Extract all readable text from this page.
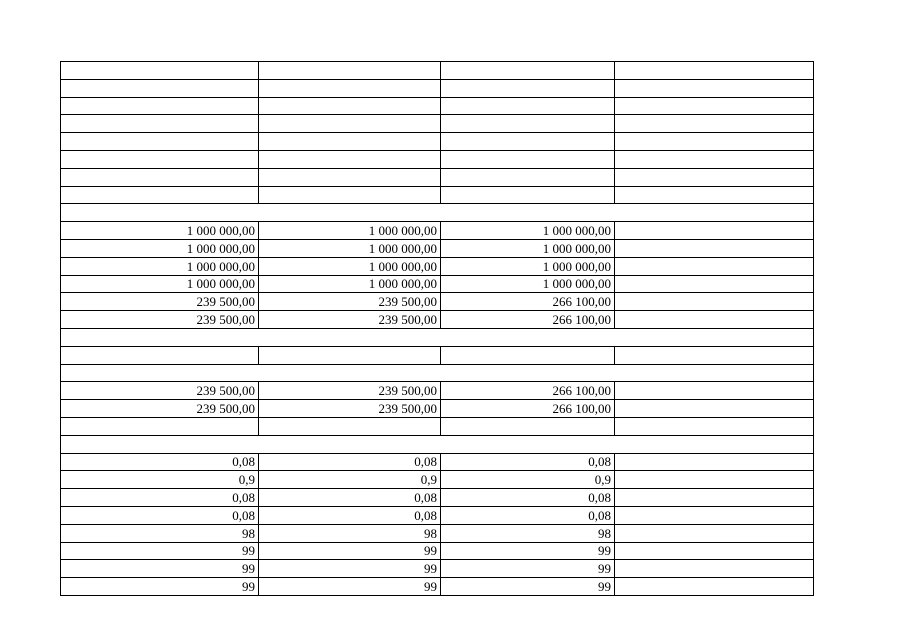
1 000 000,00	1 000 000,00	1 000 000,00	
1 000 000,00	1 000 000,00	1 000 000,00	
1 000 000,00	1 000 000,00	1 000 000,00	
1 000 000,00	1 000 000,00	1 000 000,00	
239 500,00	239 500,00	266 100,00	
239 500,00	239 500,00	266 100,00	

239 500,00	239 500,00	266 100,00	
239 500,00	239 500,00	266 100,00	

0,08	0,08	0,08	
0,9	0,9	0,9	
0,08	0,08	0,08	
0,08	0,08	0,08	
98	98	98	
99	99	99	
99	99	99	
99	99	99	
